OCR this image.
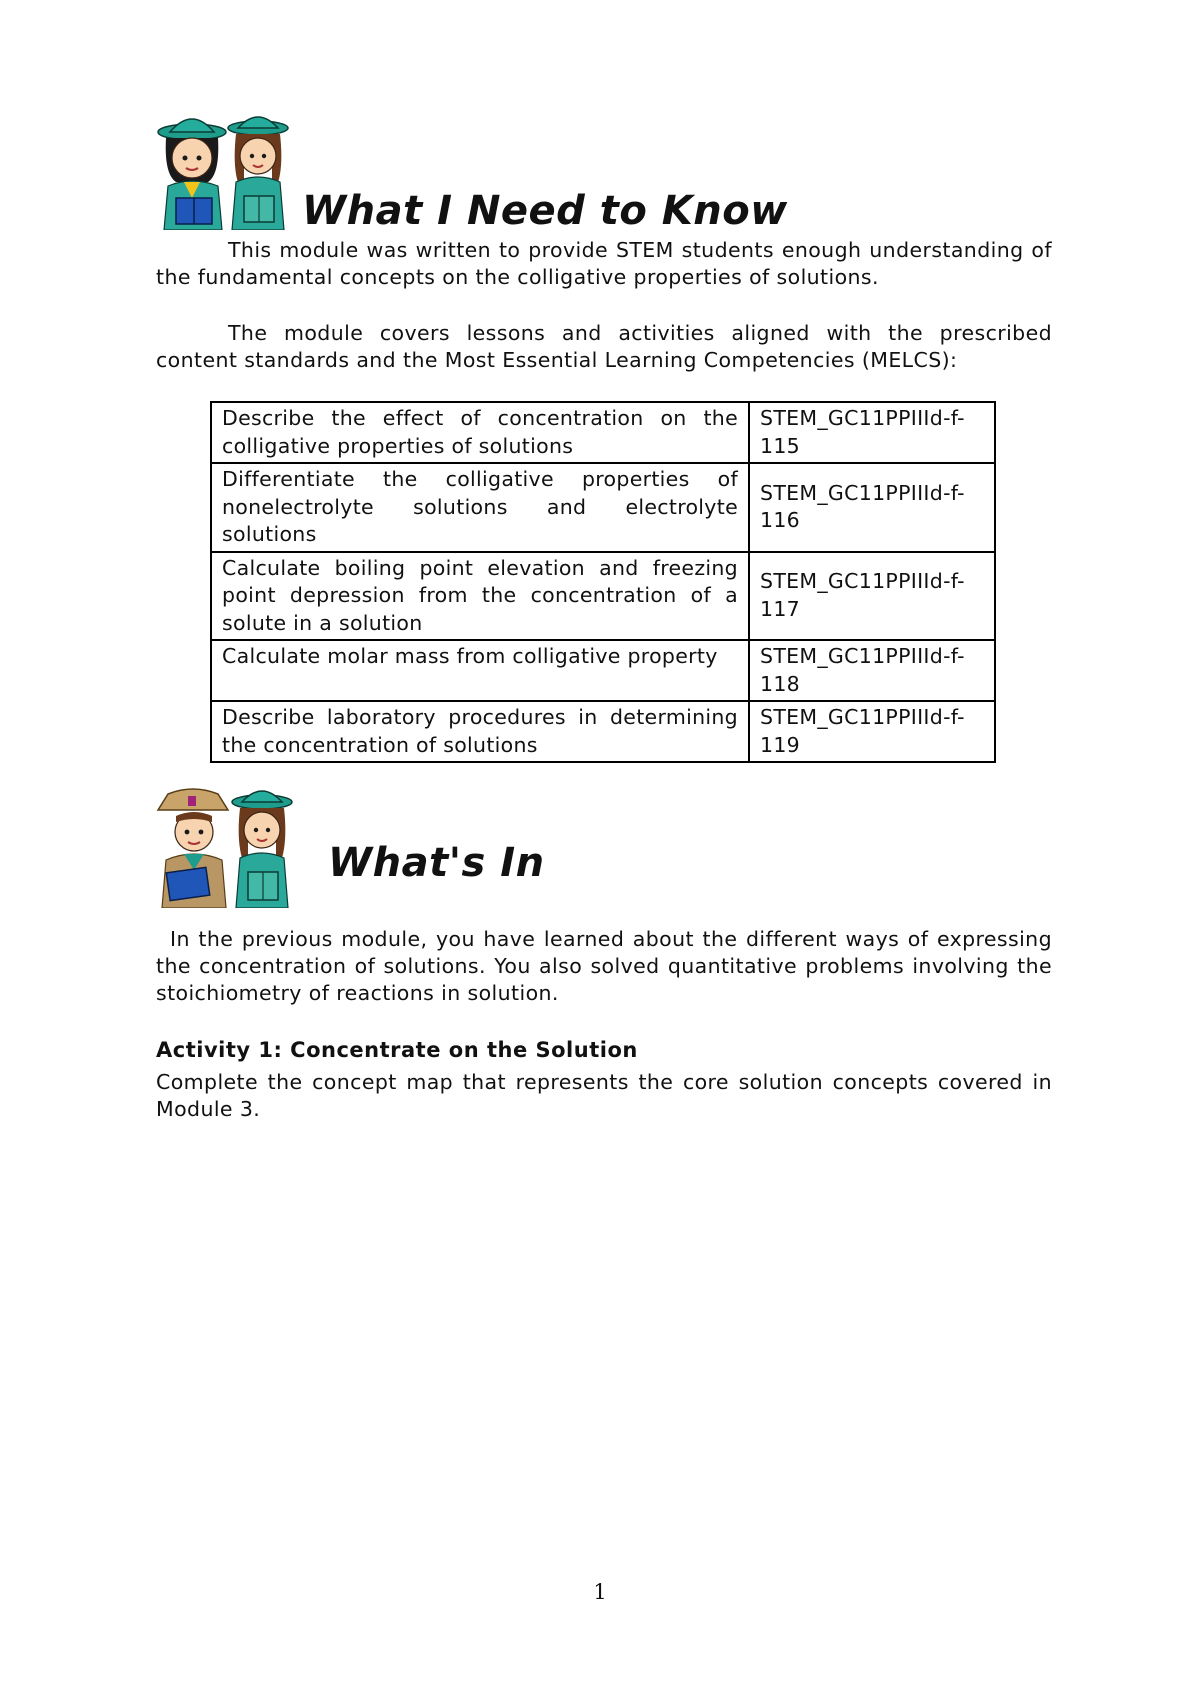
What I Need to Know

This module was written to provide STEM students enough understanding of the fundamental concepts on the colligative properties of solutions.

The module covers lessons and activities aligned with the prescribed content standards and the Most Essential Learning Competencies (MELCS):

Describe the effect of concentration on the colligative properties of solutions	STEM_GC11PPIIId-f-115
Differentiate the colligative properties of nonelectrolyte solutions and electrolyte solutions	STEM_GC11PPIIId-f-116
Calculate boiling point elevation and freezing point depression from the concentration of a solute in a solution	STEM_GC11PPIIId-f-117
Calculate molar mass from colligative property	STEM_GC11PPIIId-f-118
Describe laboratory procedures in determining the concentration of solutions	STEM_GC11PPIIId-f-119
What's In

In the previous module, you have learned about the different ways of expressing the concentration of solutions. You also solved quantitative problems involving the stoichiometry of reactions in solution.

Activity 1: Concentrate on the Solution

Complete the concept map that represents the core solution concepts covered in Module 3.

1
